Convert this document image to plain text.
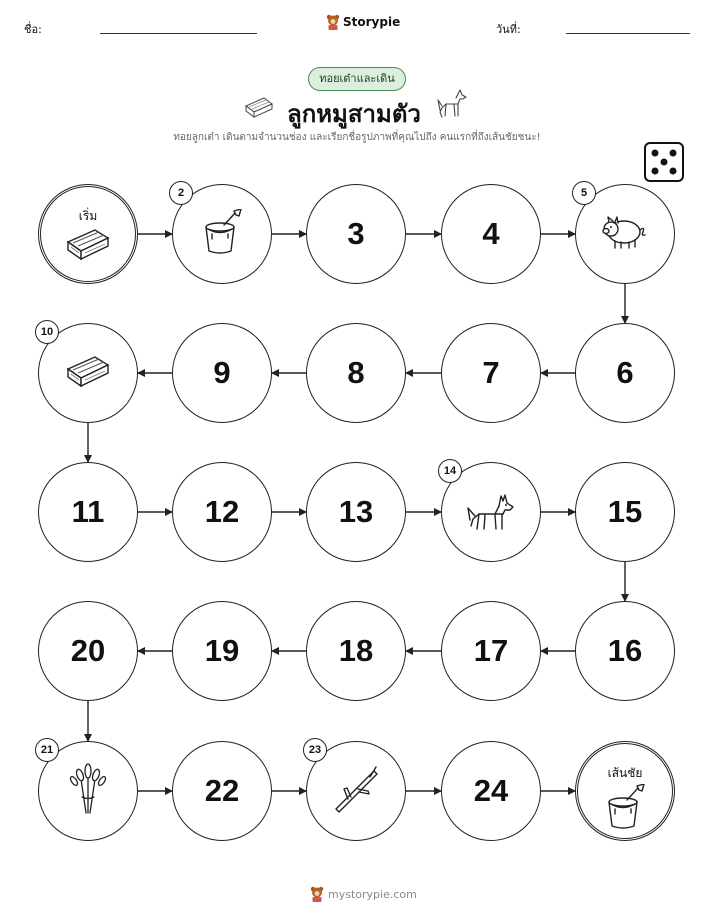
ชื่อ:
Storypie
วันที่:
ทอยเต๋าและเดิน
ลูกหมูสามตัว
ทอยลูกเต๋า เดินตามจำนวนช่อง และเรียกชื่อรูปภาพที่คุณไปถึง คนแรกที่ถึงเส้นชัยชนะ!
เริ่ม
2
3	4
5
6
7
8
9
10
11	12	13
14
15
16
17
18
19
20
21
22
23
24	เส้นชัย
mystorypie.com
